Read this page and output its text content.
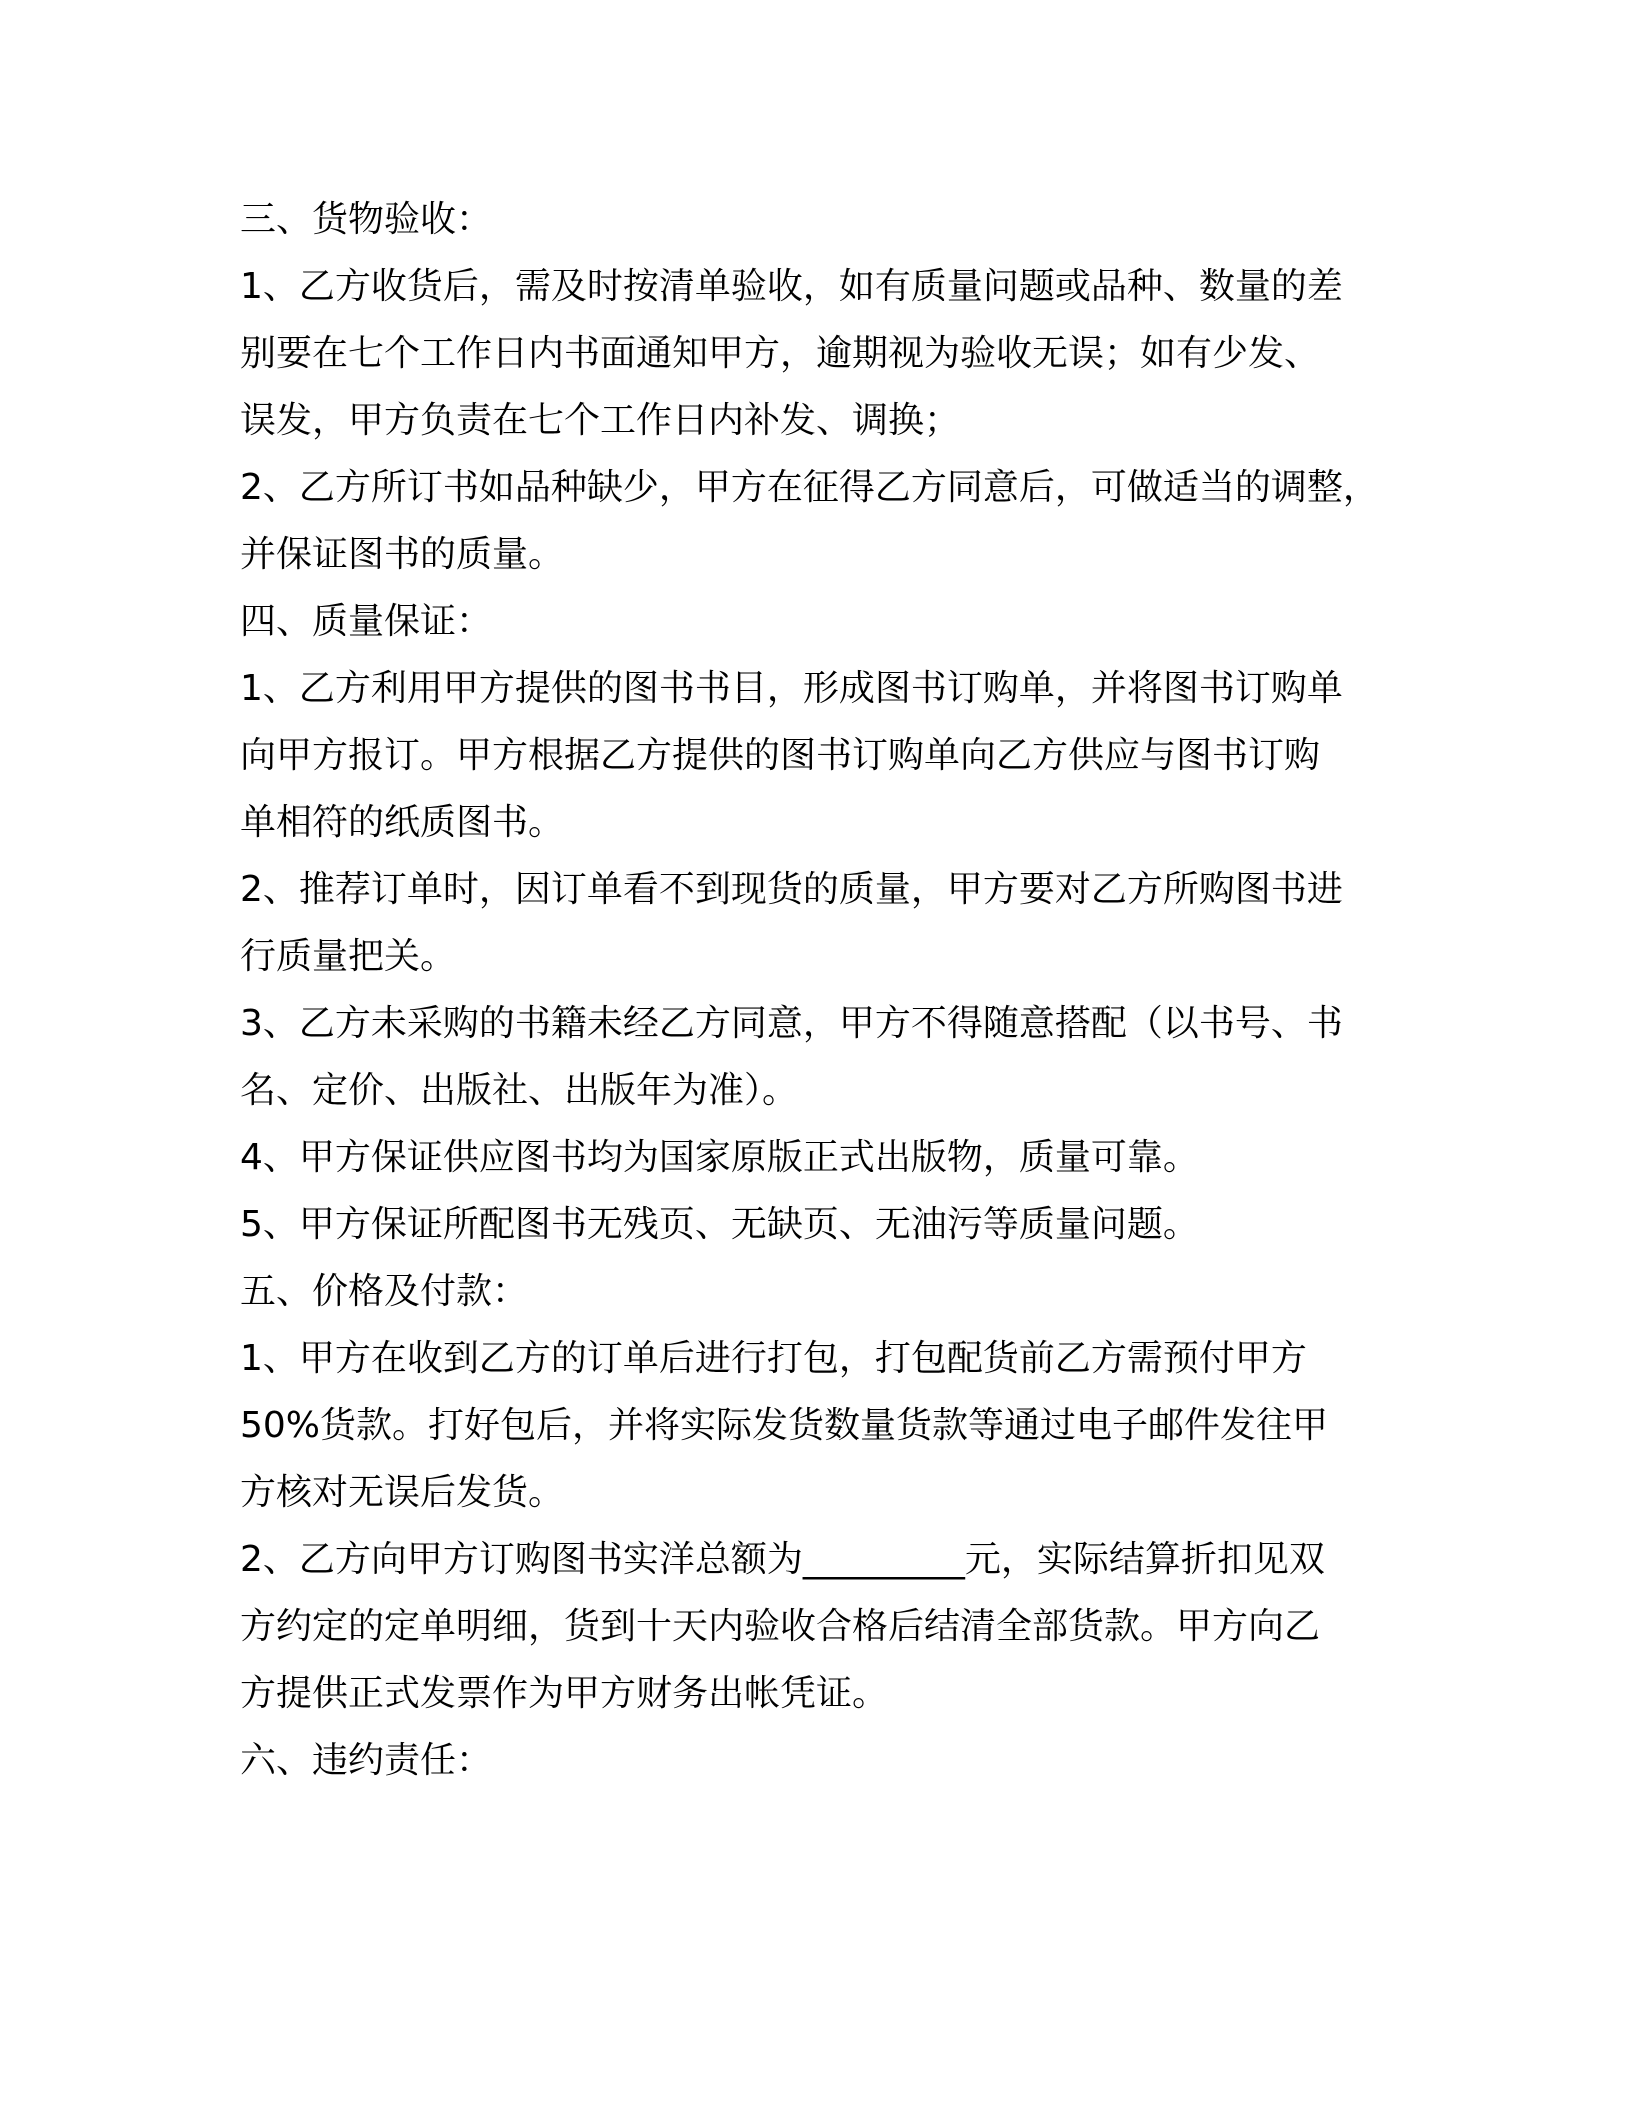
三、货物验收：
1、乙方收货后，需及时按清单验收，如有质量问题或品种、数量的差
别要在七个工作日内书面通知甲方，逾期视为验收无误；如有少发、
误发，甲方负责在七个工作日内补发、调换；
2、乙方所订书如品种缺少，甲方在征得乙方同意后，可做适当的调整，
并保证图书的质量。
四、质量保证：
1、乙方利用甲方提供的图书书目，形成图书订购单，并将图书订购单
向甲方报订。甲方根据乙方提供的图书订购单向乙方供应与图书订购
单相符的纸质图书。
2、推荐订单时，因订单看不到现货的质量，甲方要对乙方所购图书进
行质量把关。
3、乙方未采购的书籍未经乙方同意，甲方不得随意搭配（以书号、书
名、定价、出版社、出版年为准）。
4、甲方保证供应图书均为国家原版正式出版物，质量可靠。
5、甲方保证所配图书无残页、无缺页、无油污等质量问题。
五、价格及付款：
1、甲方在收到乙方的订单后进行打包，打包配货前乙方需预付甲方
50%货款。打好包后，并将实际发货数量货款等通过电子邮件发往甲
方核对无误后发货。
2、乙方向甲方订购图书实洋总额为_________元，实际结算折扣见双
方约定的定单明细，货到十天内验收合格后结清全部货款。甲方向乙
方提供正式发票作为甲方财务出帐凭证。
六、违约责任：
